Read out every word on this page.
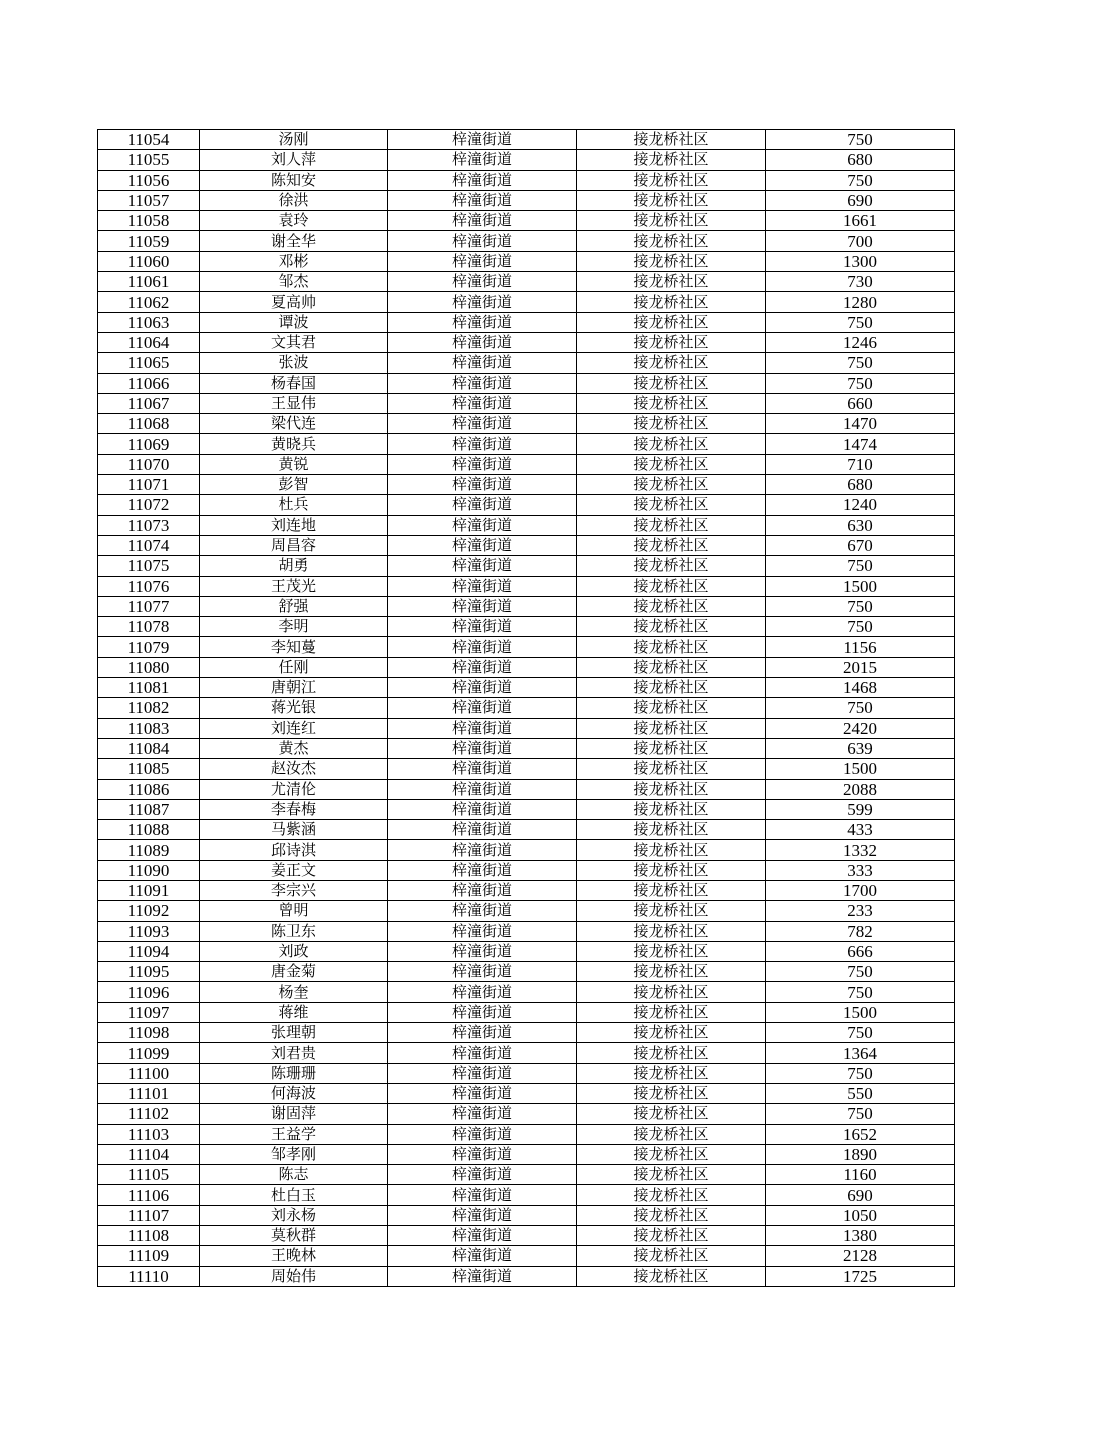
11054	汤刚	梓潼街道	接龙桥社区	750
11055	刘人萍	梓潼街道	接龙桥社区	680
11056	陈知安	梓潼街道	接龙桥社区	750
11057	徐洪	梓潼街道	接龙桥社区	690
11058	袁玲	梓潼街道	接龙桥社区	1661
11059	谢全华	梓潼街道	接龙桥社区	700
11060	邓彬	梓潼街道	接龙桥社区	1300
11061	邹杰	梓潼街道	接龙桥社区	730
11062	夏高帅	梓潼街道	接龙桥社区	1280
11063	谭波	梓潼街道	接龙桥社区	750
11064	文其君	梓潼街道	接龙桥社区	1246
11065	张波	梓潼街道	接龙桥社区	750
11066	杨春国	梓潼街道	接龙桥社区	750
11067	王显伟	梓潼街道	接龙桥社区	660
11068	梁代连	梓潼街道	接龙桥社区	1470
11069	黄晓兵	梓潼街道	接龙桥社区	1474
11070	黄锐	梓潼街道	接龙桥社区	710
11071	彭智	梓潼街道	接龙桥社区	680
11072	杜兵	梓潼街道	接龙桥社区	1240
11073	刘连地	梓潼街道	接龙桥社区	630
11074	周昌容	梓潼街道	接龙桥社区	670
11075	胡勇	梓潼街道	接龙桥社区	750
11076	王茂光	梓潼街道	接龙桥社区	1500
11077	舒强	梓潼街道	接龙桥社区	750
11078	李明	梓潼街道	接龙桥社区	750
11079	李知蔓	梓潼街道	接龙桥社区	1156
11080	任刚	梓潼街道	接龙桥社区	2015
11081	唐朝江	梓潼街道	接龙桥社区	1468
11082	蒋光银	梓潼街道	接龙桥社区	750
11083	刘连红	梓潼街道	接龙桥社区	2420
11084	黄杰	梓潼街道	接龙桥社区	639
11085	赵汝杰	梓潼街道	接龙桥社区	1500
11086	尤清伦	梓潼街道	接龙桥社区	2088
11087	李春梅	梓潼街道	接龙桥社区	599
11088	马紫涵	梓潼街道	接龙桥社区	433
11089	邱诗淇	梓潼街道	接龙桥社区	1332
11090	姜正文	梓潼街道	接龙桥社区	333
11091	李宗兴	梓潼街道	接龙桥社区	1700
11092	曾明	梓潼街道	接龙桥社区	233
11093	陈卫东	梓潼街道	接龙桥社区	782
11094	刘政	梓潼街道	接龙桥社区	666
11095	唐金菊	梓潼街道	接龙桥社区	750
11096	杨奎	梓潼街道	接龙桥社区	750
11097	蒋维	梓潼街道	接龙桥社区	1500
11098	张理朝	梓潼街道	接龙桥社区	750
11099	刘君贵	梓潼街道	接龙桥社区	1364
11100	陈珊珊	梓潼街道	接龙桥社区	750
11101	何海波	梓潼街道	接龙桥社区	550
11102	谢固萍	梓潼街道	接龙桥社区	750
11103	王益学	梓潼街道	接龙桥社区	1652
11104	邹孝刚	梓潼街道	接龙桥社区	1890
11105	陈志	梓潼街道	接龙桥社区	1160
11106	杜白玉	梓潼街道	接龙桥社区	690
11107	刘永杨	梓潼街道	接龙桥社区	1050
11108	莫秋群	梓潼街道	接龙桥社区	1380
11109	王晚林	梓潼街道	接龙桥社区	2128
11110	周始伟	梓潼街道	接龙桥社区	1725
